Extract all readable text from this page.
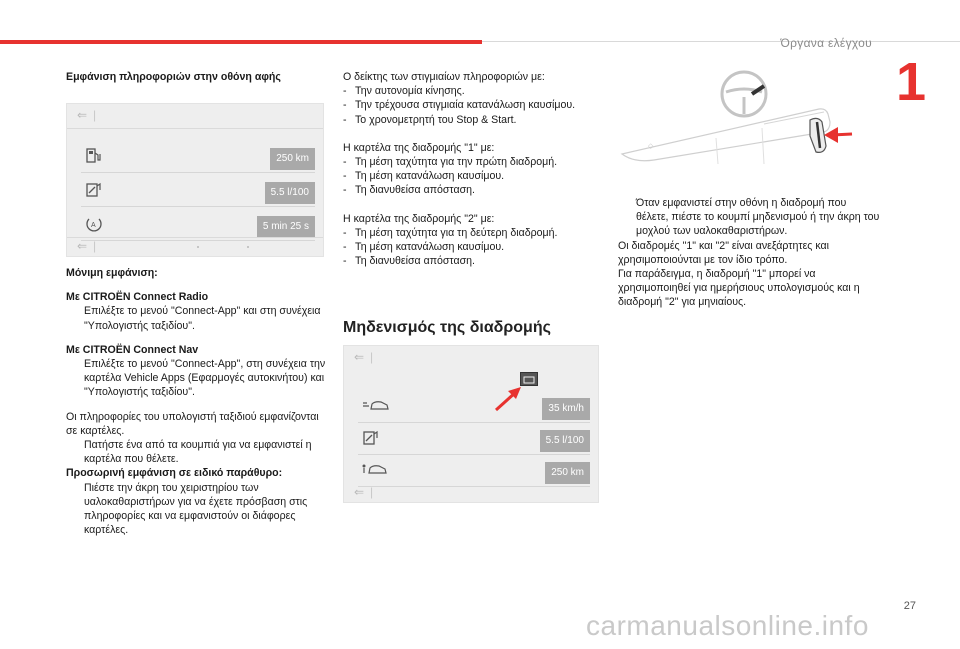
Όργανα ελέγχου
1

Εμφάνιση πληροφοριών στην οθόνη αφής

⇐ |
250 km
5.5 l/100
A	5 min 25 s
⇐ |

Μόνιμη εμφάνιση:

Με CITROËN Connect Radio

Επιλέξτε το μενού "Connect-App" και στη συνέχεια "Υπολογιστής ταξιδίου".

Με CITROËN Connect Nav

Επιλέξτε το μενού "Connect-App", στη συνέχεια την καρτέλα Vehicle Apps (Εφαρμογές αυτοκινήτου) και "Υπολογιστής ταξιδίου".

Οι πληροφορίες του υπολογιστή ταξιδιού εμφανίζονται σε καρτέλες.

Πατήστε ένα από τα κουμπιά για να εμφανιστεί η καρτέλα που θέλετε.

Προσωρινή εμφάνιση σε ειδικό παράθυρο:

Πιέστε την άκρη του χειριστηρίου των υαλοκαθαριστήρων για να έχετε πρόσβαση στις πληροφορίες και να εμφανιστούν οι διάφορες καρτέλες.

Ο δείκτης των στιγμιαίων πληροφοριών με:

- Την αυτονομία κίνησης.

- Την τρέχουσα στιγμιαία κατανάλωση καυσίμου.

- Το χρονομετρητή του Stop & Start.

Η καρτέλα της διαδρομής "1" με:

- Τη μέση ταχύτητα για την πρώτη διαδρομή.

- Τη μέση κατανάλωση καυσίμου.

- Τη διανυθείσα απόσταση.

Η καρτέλα της διαδρομής "2" με:

- Τη μέση ταχύτητα για τη δεύτερη διαδρομή.

- Τη μέση κατανάλωση καυσίμου.

- Τη διανυθείσα απόσταση.

Μηδενισμός της διαδρομής
⇐ |
35 km/h
5.5 l/100
250 km
⇐ |
◇

Όταν εμφανιστεί στην οθόνη η διαδρομή που θέλετε, πιέστε το κουμπί μηδενισμού ή την άκρη του μοχλού των υαλοκαθαριστήρων.

Οι διαδρομές "1" και "2" είναι ανεξάρτητες και χρησιμοποιούνται με τον ίδιο τρόπο.

Για παράδειγμα, η διαδρομή "1" μπορεί να χρησιμοποιηθεί για ημερήσιους υπολογισμούς και η διαδρομή "2" για μηνιαίους.

27
carmanualsonline.info
